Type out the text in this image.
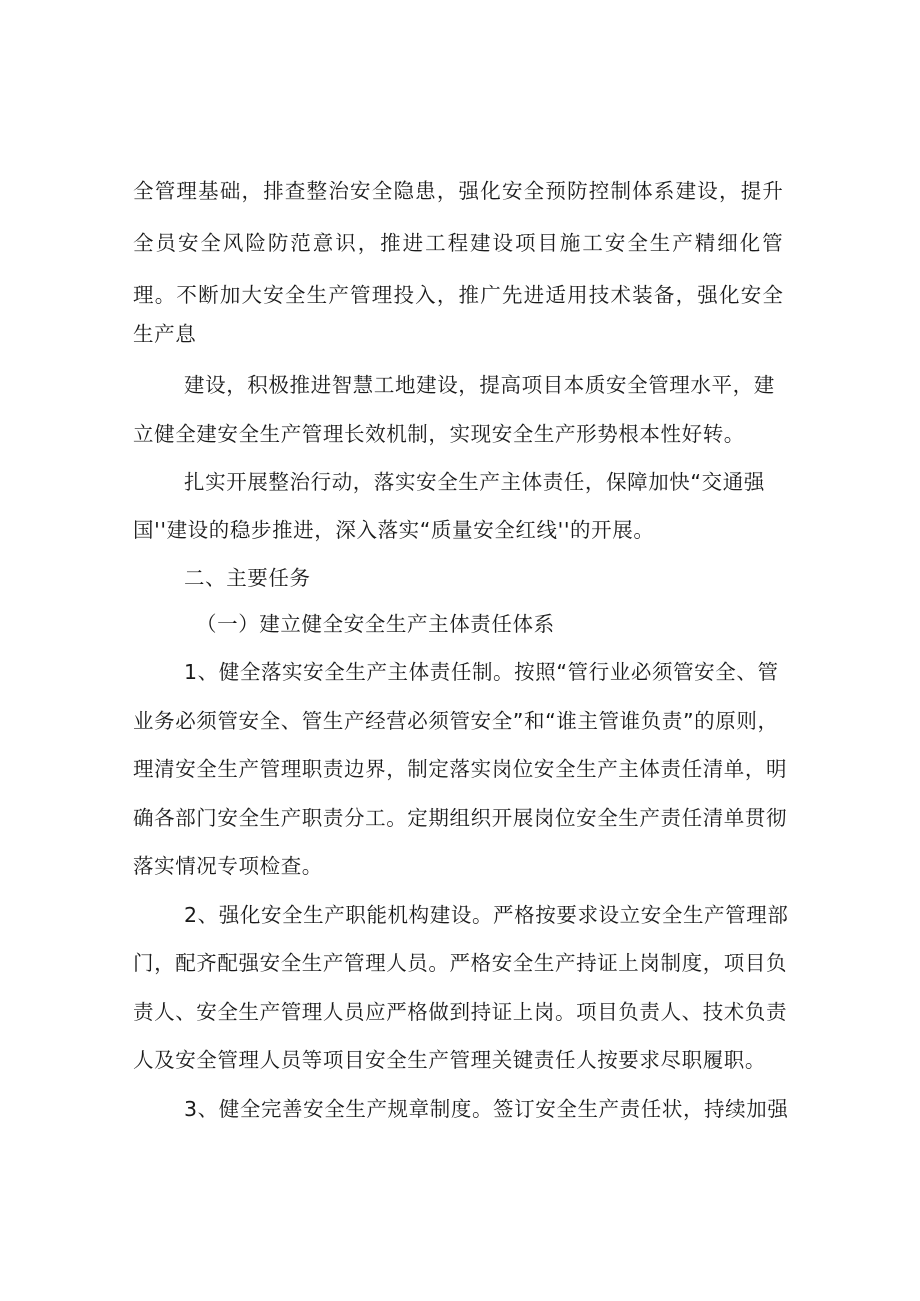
全 管 理 基 础 ， 排 查 整 治 安 全 隐 患 ， 强 化 安 全 预 防 控 制 体 系 建 设 ， 提 升
全 员 安 全 风 险 防 范 意 识 ， 推 进 工 程 建 设 项 目 施 工 安 全 生 产 精 细 化 管
理 。 不 断 加 大 安 全 生 产 管 理 投 入 ， 推 广 先 进 适 用 技 术 装 备 ， 强 化 安 全
生产息
建设，积极推进智慧工地建设，提高项目本质安全管理水平，建
立健全建安全生产管理长效机制，实现安全生产形势根本性好转。
扎实开展整治行动，落实安全生产主体责任，保障加快“交通强
国''建设的稳步推进，深入落实“质量安全红线''的开展。
二、主要任务
（一）建立健全安全生产主体责任体系
1、健全落实安全生产主体责任制。按照“管行业必须管安全、管
业务必须管安全、管生产经营必须管安全”和“谁主管谁负责”的原则，
理清安全生产管理职责边界，制定落实岗位安全生产主体责任清单，明
确各部门安全生产职责分工。定期组织开展岗位安全生产责任清单贯彻
落实情况专项检查。
2、强化安全生产职能机构建设。严格按要求设立安全生产管理部
门，配齐配强安全生产管理人员。严格安全生产持证上岗制度，项目负
责人、安全生产管理人员应严格做到持证上岗。项目负责人、技术负责
人及安全管理人员等项目安全生产管理关键责任人按要求尽职履职。
3、健全完善安全生产规章制度。签订安全生产责任状，持续加强
